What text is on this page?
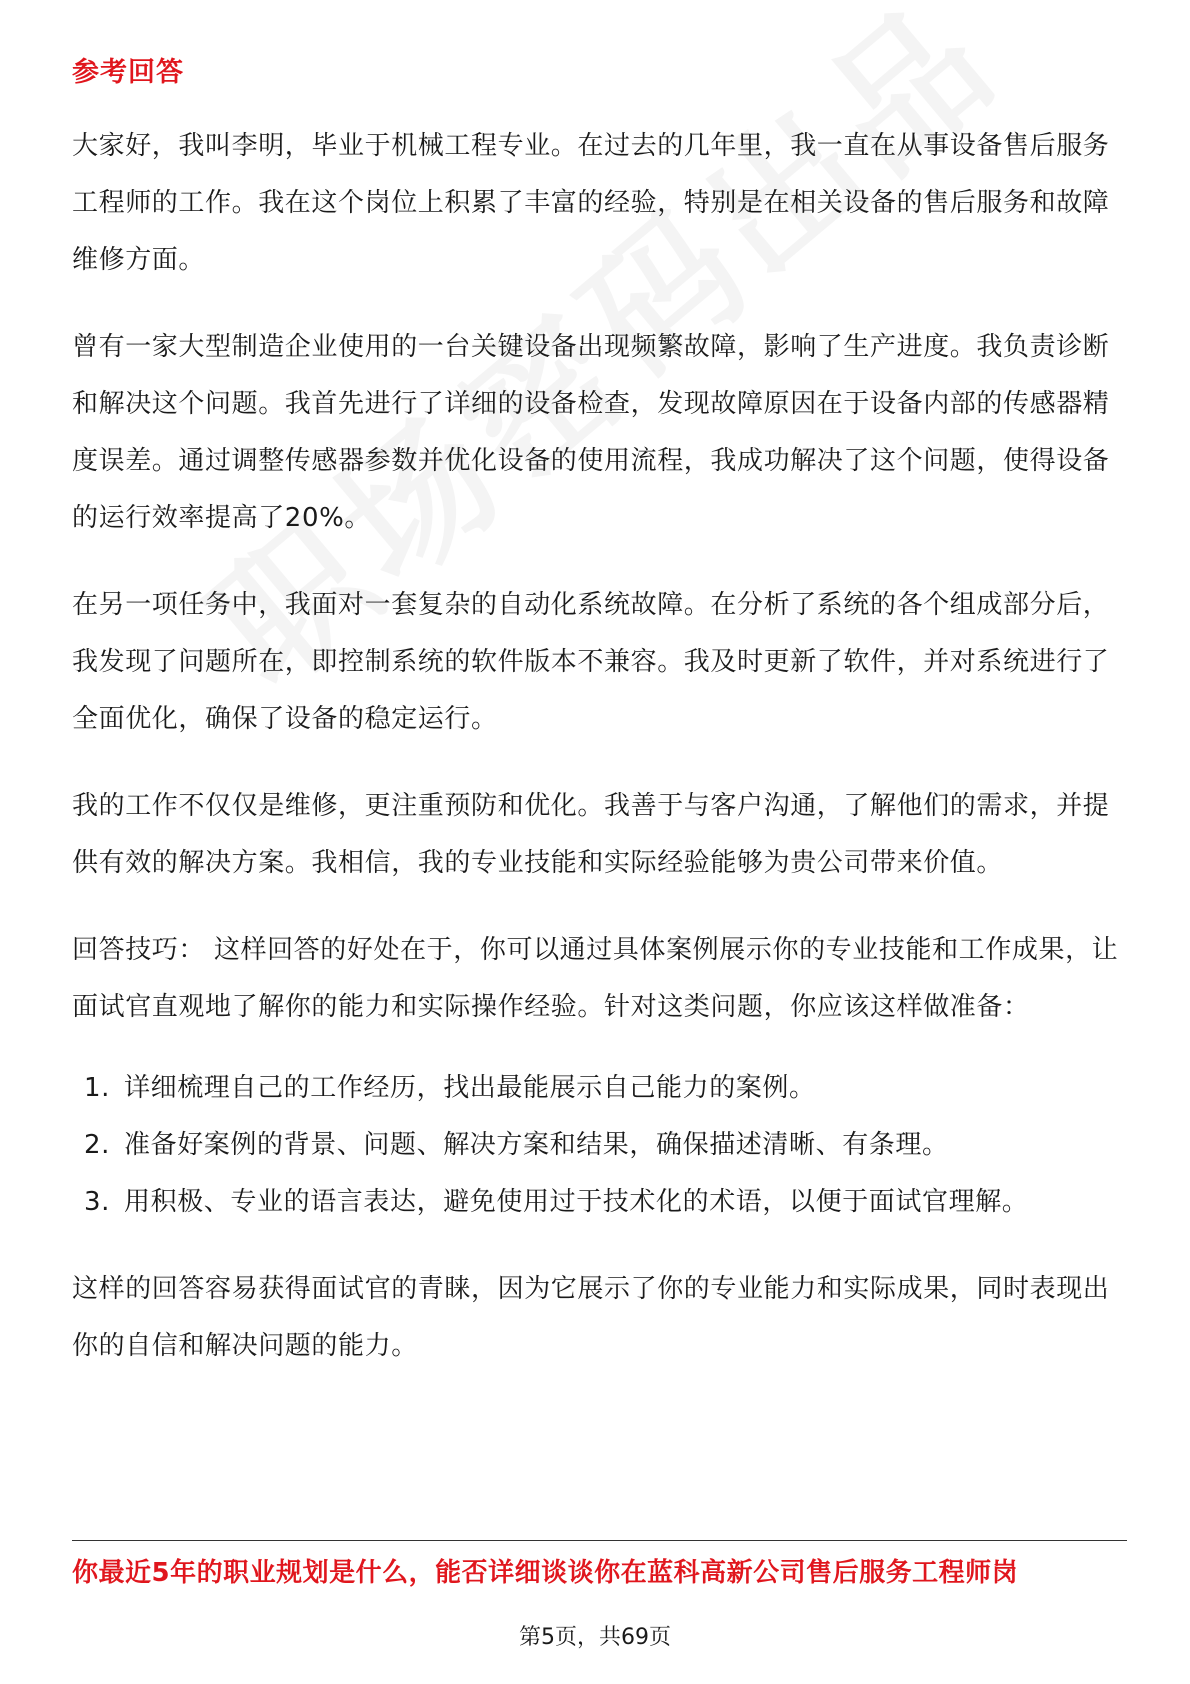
参考回答

大家好，我叫李明，毕业于机械工程专业。在过去的几年里，我一直在从事设备售后服务工程师的工作。我在这个岗位上积累了丰富的经验，特别是在相关设备的售后服务和故障维修方面。

曾有一家大型制造企业使用的一台关键设备出现频繁故障，影响了生产进度。我负责诊断和解决这个问题。我首先进行了详细的设备检查，发现故障原因在于设备内部的传感器精度误差。通过调整传感器参数并优化设备的使用流程，我成功解决了这个问题，使得设备的运行效率提高了20%。

在另一项任务中，我面对一套复杂的自动化系统故障。在分析了系统的各个组成部分后，我发现了问题所在，即控制系统的软件版本不兼容。我及时更新了软件，并对系统进行了全面优化，确保了设备的稳定运行。

我的工作不仅仅是维修，更注重预防和优化。我善于与客户沟通，了解他们的需求，并提供有效的解决方案。我相信，我的专业技能和实际经验能够为贵公司带来价值。

回答技巧： 这样回答的好处在于，你可以通过具体案例展示你的专业技能和工作成果，让面试官直观地了解你的能力和实际操作经验。针对这类问题，你应该这样做准备：

1. 详细梳理自己的工作经历，找出最能展示自己能力的案例。
2. 准备好案例的背景、问题、解决方案和结果，确保描述清晰、有条理。
3. 用积极、专业的语言表达，避免使用过于技术化的术语，以便于面试官理解。

这样的回答容易获得面试官的青睐，因为它展示了你的专业能力和实际成果，同时表现出你的自信和解决问题的能力。

你最近5年的职业规划是什么，能否详细谈谈你在蓝科高新公司售后服务工程师岗
第5页，共69页
